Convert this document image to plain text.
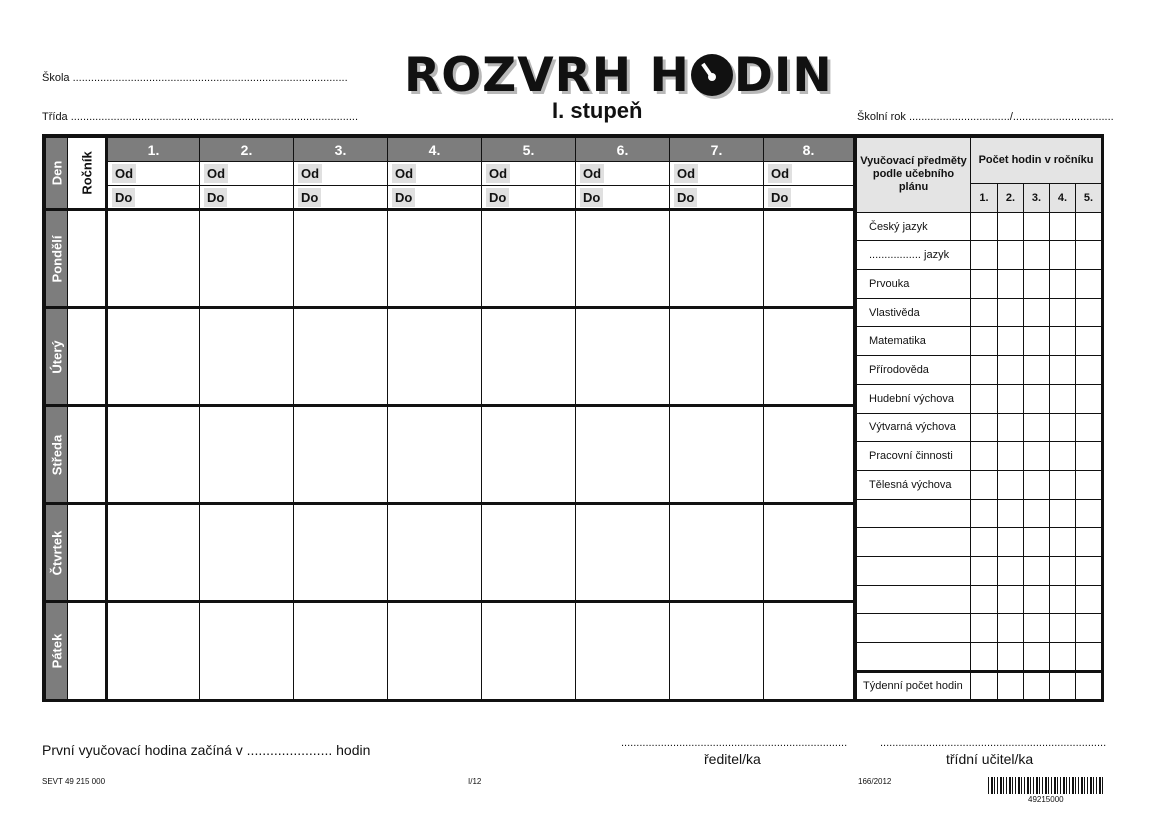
Škola ..........................................................................................
Třída ..............................................................................................
ROZVRH H DIN
I. stupeň	Školní rok ................................./.................................
Den	Ročník	1.	2.	3.	4.	5.	6.	7.	8.
		Od	Od	Od	Od	Od	Od	Od	Od
		Do	Do	Do	Do	Do	Do	Do	Do

Pondělí									

Úterý									

Středa									

Čtvrtek									

Pátek									

Vyučovací předměty podle učebního plánu	Počet hodin v ročníku				
	1.	2.	3.	4.	5.
Český jazyk					
................. jazyk					
Prvouka					
Vlastivěda					
Matematika					
Přírodověda					
Hudební výchova					
Výtvarná výchova					
Pracovní činnosti					
Tělesná výchova					

Týdenní počet hodin					
První vyučovací hodina začíná v ...................... hodin	..........................................................................
ředitel/ka
..........................................................................
třídní učitel/ka
SEVT 49 215 000	I/12	166/2012
49215000
